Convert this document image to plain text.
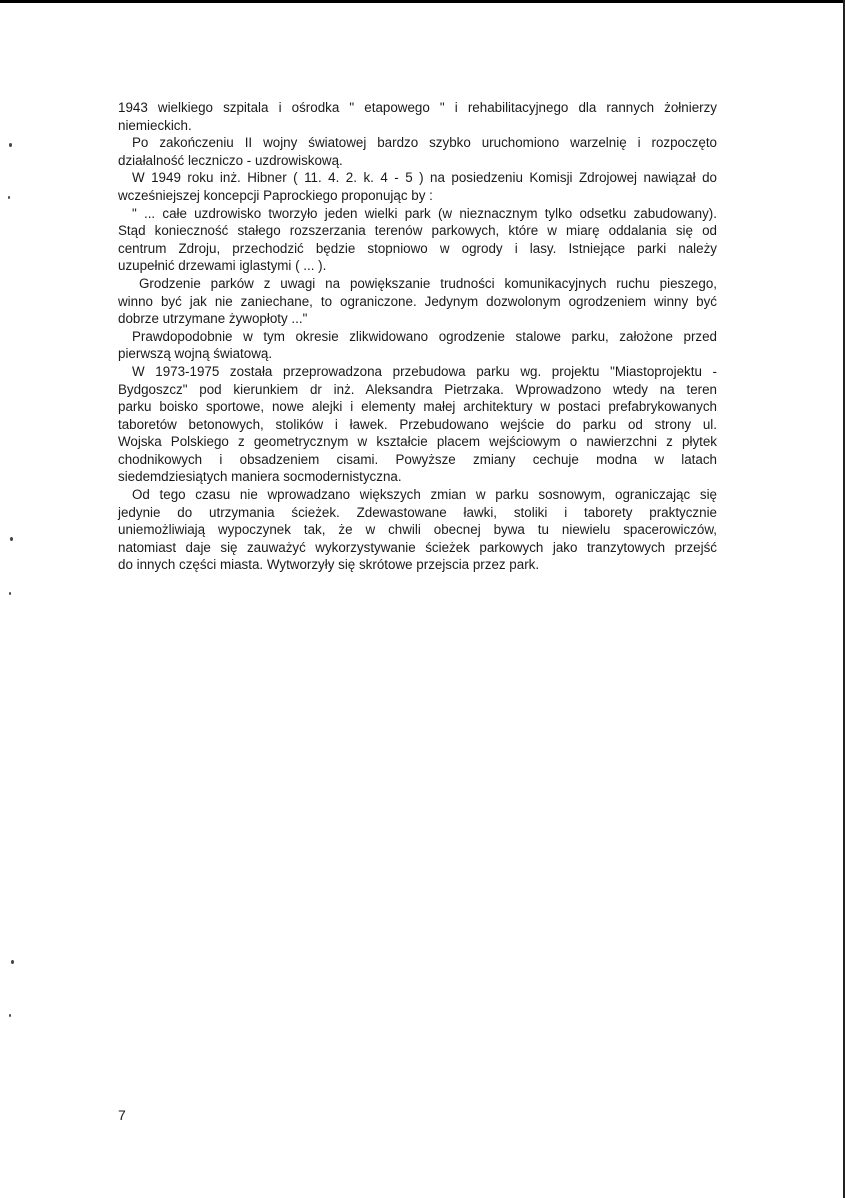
1943 wielkiego szpitala i ośrodka " etapowego " i rehabilitacyjnego dla rannych żołnierzy
niemieckich.
Po zakończeniu II wojny światowej bardzo szybko uruchomiono warzelnię i rozpoczęto
działalność leczniczo - uzdrowiskową.
W 1949 roku inż. Hibner ( 11. 4. 2. k. 4 - 5 ) na posiedzeniu Komisji Zdrojowej nawiązał do
wcześniejszej koncepcji Paprockiego proponując by :
" ... całe uzdrowisko tworzyło jeden wielki park (w nieznacznym tylko odsetku zabudowany).
Stąd konieczność stałego rozszerzania terenów parkowych, które w miarę oddalania się od
centrum Zdroju, przechodzić będzie stopniowo w ogrody i lasy. Istniejące parki należy
uzupełnić drzewami iglastymi ( ... ).
Grodzenie parków z uwagi na powiększanie trudności komunikacyjnych ruchu pieszego,
winno być jak nie zaniechane, to ograniczone. Jedynym dozwolonym ogrodzeniem winny być
dobrze utrzymane żywopłoty ..."
Prawdopodobnie w tym okresie zlikwidowano ogrodzenie stalowe parku, założone przed
pierwszą wojną światową.
W 1973-1975 została przeprowadzona przebudowa parku wg. projektu "Miastoprojektu -
Bydgoszcz" pod kierunkiem dr inż. Aleksandra Pietrzaka. Wprowadzono wtedy na teren
parku boisko sportowe, nowe alejki i elementy małej architektury w postaci prefabrykowanych
taboretów betonowych, stolików i ławek. Przebudowano wejście do parku od strony ul.
Wojska Polskiego z geometrycznym w kształcie placem wejściowym o nawierzchni z płytek
chodnikowych i obsadzeniem cisami. Powyższe zmiany cechuje modna w latach
siedemdziesiątych maniera socmodernistyczna.
Od tego czasu nie wprowadzano większych zmian w parku sosnowym, ograniczając się
jedynie do utrzymania ścieżek. Zdewastowane ławki, stoliki i taborety praktycznie
uniemożliwiają wypoczynek tak, że w chwili obecnej bywa tu niewielu spacerowiczów,
natomiast daje się zauważyć wykorzystywanie ścieżek parkowych jako tranzytowych przejść
do innych części miasta. Wytworzyły się skrótowe przejscia przez park.
7
